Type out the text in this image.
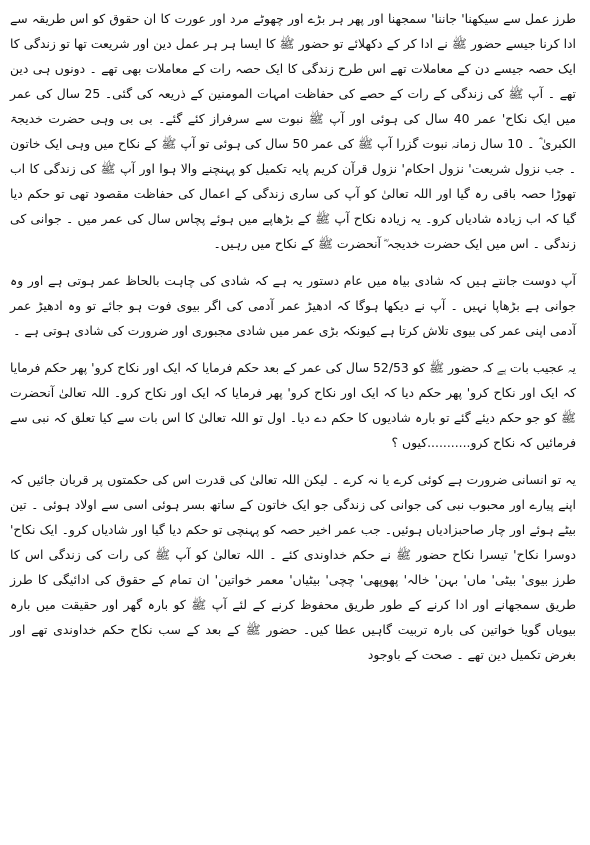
طرز عمل سے سیکھنا' جاننا' سمجھنا اور پھر ہر بڑے اور چھوٹے مرد اور عورت کا ان حقوق کو اس طریقہ سے ادا کرنا جیسے حضور ﷺ نے ادا کر کے دکھلائے تو حضور ﷺ کا ایسا ہر ہر عمل دین اور شریعت تھا تو زندگی کا ایک حصہ جیسے دن کے معاملات تھے اس طرح زندگی کا ایک حصہ رات کے معاملات بھی تھے ۔ دونوں ہی دین تھے ۔ آپ ﷺ کی زندگی کے رات کے حصے کی حفاظت امہات المومنین کے ذریعہ کی گئی۔ 25 سال کی عمر میں ایک نکاح' عمر 40 سال کی ہوئی اور آپ ﷺ نبوت سے سرفراز کئے گئے۔ بی بی وہی حضرت خدیجۃ الکبریٰ ؓ ۔ 10 سال زمانہ نبوت گزرا آپ ﷺ کی عمر 50 سال کی ہوئی تو آپ ﷺ کے نکاح میں وہی ایک خاتون ۔ جب نزول شریعت' نزول احکام' نزول قرآن کریم پایہ تکمیل کو پہنچنے والا ہوا اور آپ ﷺ کی زندگی کا اب تھوڑا حصہ باقی رہ گیا اور اللہ تعالیٰ کو آپ کی ساری زندگی کے اعمال کی حفاظت مقصود تھی تو حکم دیا گیا کہ اب زیادہ شادیاں کرو۔ یہ زیادہ نکاح آپ ﷺ کے بڑھاپے میں ہوئے پچاس سال کی عمر میں ۔ جوانی کی زندگی ۔ اس میں ایک حضرت خدیجہ ؓ آنحضرت ﷺ کے نکاح میں رہیں۔

آپ دوست جانتے ہیں کہ شادی بیاہ میں عام دستور یہ ہے کہ شادی کی چاہت بالحاظ عمر ہوتی ہے اور وہ جوانی ہے بڑھاپا نہیں ۔ آپ نے دیکھا ہوگا کہ ادھیڑ عمر آدمی کی اگر بیوی فوت ہو جائے تو وہ ادھیڑ عمر آدمی اپنی عمر کی بیوی تلاش کرتا ہے کیونکہ بڑی عمر میں شادی مجبوری اور ضرورت کی شادی ہوتی ہے ۔

یہ عجیب بات ہے کہ حضور ﷺ کو 52/53 سال کی عمر کے بعد حکم فرمایا کہ ایک اور نکاح کرو' پھر حکم فرمایا کہ ایک اور نکاح کرو' پھر حکم دیا کہ ایک اور نکاح کرو' پھر فرمایا کہ ایک اور نکاح کرو۔ اللہ تعالیٰ آنحضرت ﷺ کو جو حکم دیئے گئے تو بارہ شادیوں کا حکم دے دیا۔ اول تو اللہ تعالیٰ کا اس بات سے کیا تعلق کہ نبی سے فرمائیں کہ نکاح کرو...........کیوں ؟

یہ تو انسانی ضرورت ہے کوئی کرے یا نہ کرے ۔ لیکن اللہ تعالیٰ کی قدرت اس کی حکمتوں پر قربان جائیں کہ اپنے پیارے اور محبوب نبی کی جوانی کی زندگی جو ایک خاتون کے ساتھ بسر ہوئی اسی سے اولاد ہوئی ۔ تین بیٹے ہوئے اور چار صاحبزادیاں ہوئیں۔ جب عمر اخیر حصہ کو پہنچی تو حکم دیا گیا اور شادیاں کرو۔ ایک نکاح' دوسرا نکاح' تیسرا نکاح حضور ﷺ نے حکم خداوندی کئے ۔ اللہ تعالیٰ کو آپ ﷺ کی رات کی زندگی اس کا طرز بیوی' بیٹی' ماں' بہن' خالہ' پھوپھی' چچی' بیٹیاں' معمر خواتین' ان تمام کے حقوق کی ادائیگی کا طرز طریق سمجھانے اور ادا کرنے کے طور طریق محفوظ کرنے کے لئے آپ ﷺ کو بارہ گھر اور حقیقت میں بارہ بیویاں گویا خواتین کی بارہ تربیت گاہیں عطا کیں۔ حضور ﷺ کے بعد کے سب نکاح حکم خداوندی تھے اور بغرض تکمیل دین تھے ۔ صحت کے باوجود
